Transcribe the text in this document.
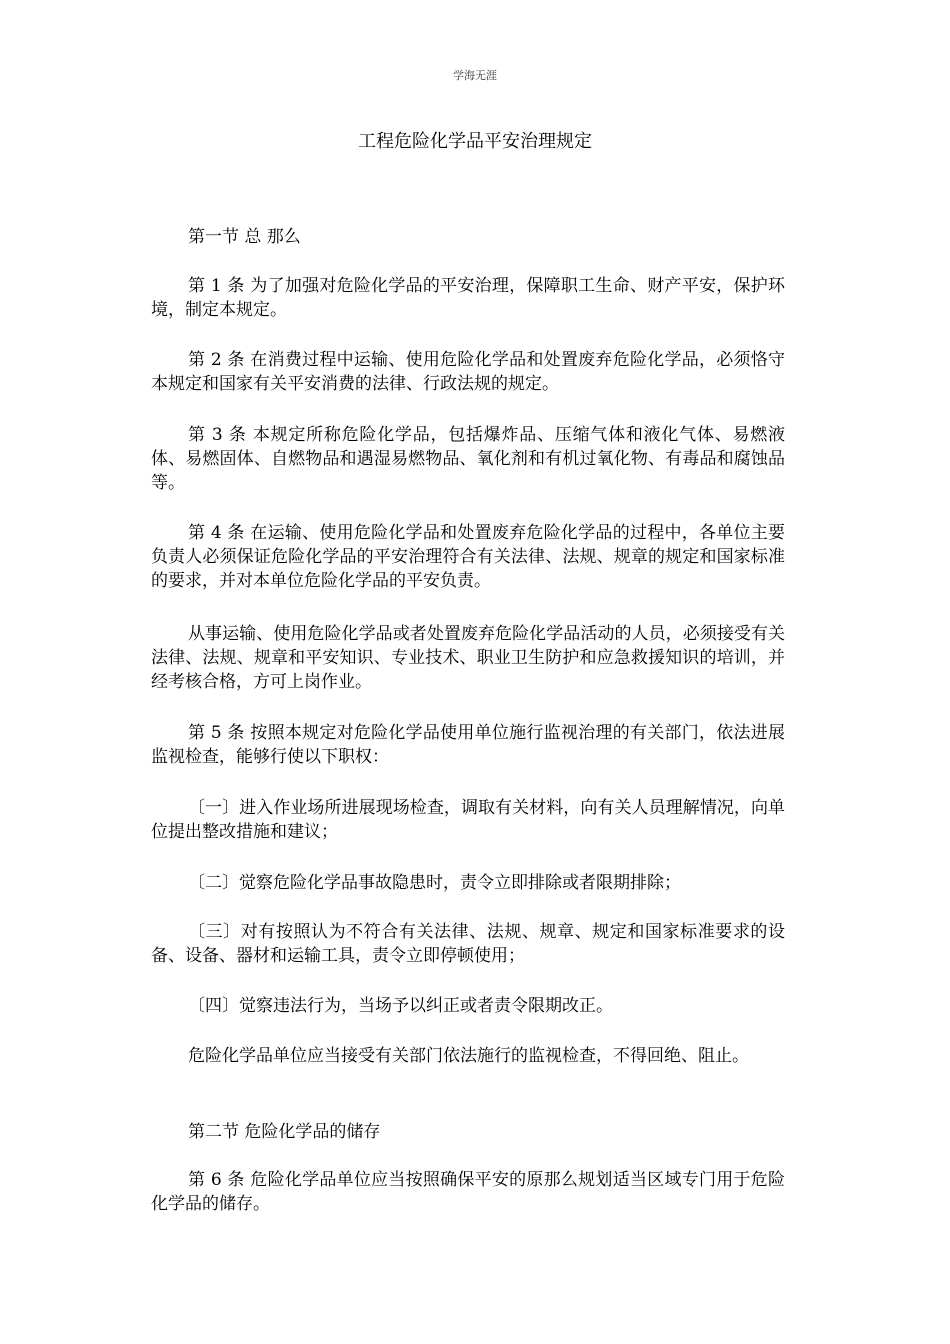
学海无涯
工程危险化学品平安治理规定

第一节 总 那么

第 1 条 为了加强对危险化学品的平安治理，保障职工生命、财产平安，保护环境，制定本规定。

第 2 条 在消费过程中运输、使用危险化学品和处置废弃危险化学品，必须恪守本规定和国家有关平安消费的法律、行政法规的规定。

第 3 条 本规定所称危险化学品，包括爆炸品、压缩气体和液化气体、易燃液体、易燃固体、自燃物品和遇湿易燃物品、氧化剂和有机过氧化物、有毒品和腐蚀品等。

第 4 条 在运输、使用危险化学品和处置废弃危险化学品的过程中，各单位主要负责人必须保证危险化学品的平安治理符合有关法律、法规、规章的规定和国家标准的要求，并对本单位危险化学品的平安负责。

从事运输、使用危险化学品或者处置废弃危险化学品活动的人员，必须接受有关法律、法规、规章和平安知识、专业技术、职业卫生防护和应急救援知识的培训，并经考核合格，方可上岗作业。

第 5 条 按照本规定对危险化学品使用单位施行监视治理的有关部门，依法进展监视检查，能够行使以下职权：

〔一〕进入作业场所进展现场检查，调取有关材料，向有关人员理解情况，向单位提出整改措施和建议；

〔二〕觉察危险化学品事故隐患时，责令立即排除或者限期排除；

〔三〕对有按照认为不符合有关法律、法规、规章、规定和国家标准要求的设备、设备、器材和运输工具，责令立即停顿使用；

〔四〕觉察违法行为，当场予以纠正或者责令限期改正。

危险化学品单位应当接受有关部门依法施行的监视检查，不得回绝、阻止。

第二节 危险化学品的储存

第 6 条 危险化学品单位应当按照确保平安的原那么规划适当区域专门用于危险化学品的储存。
